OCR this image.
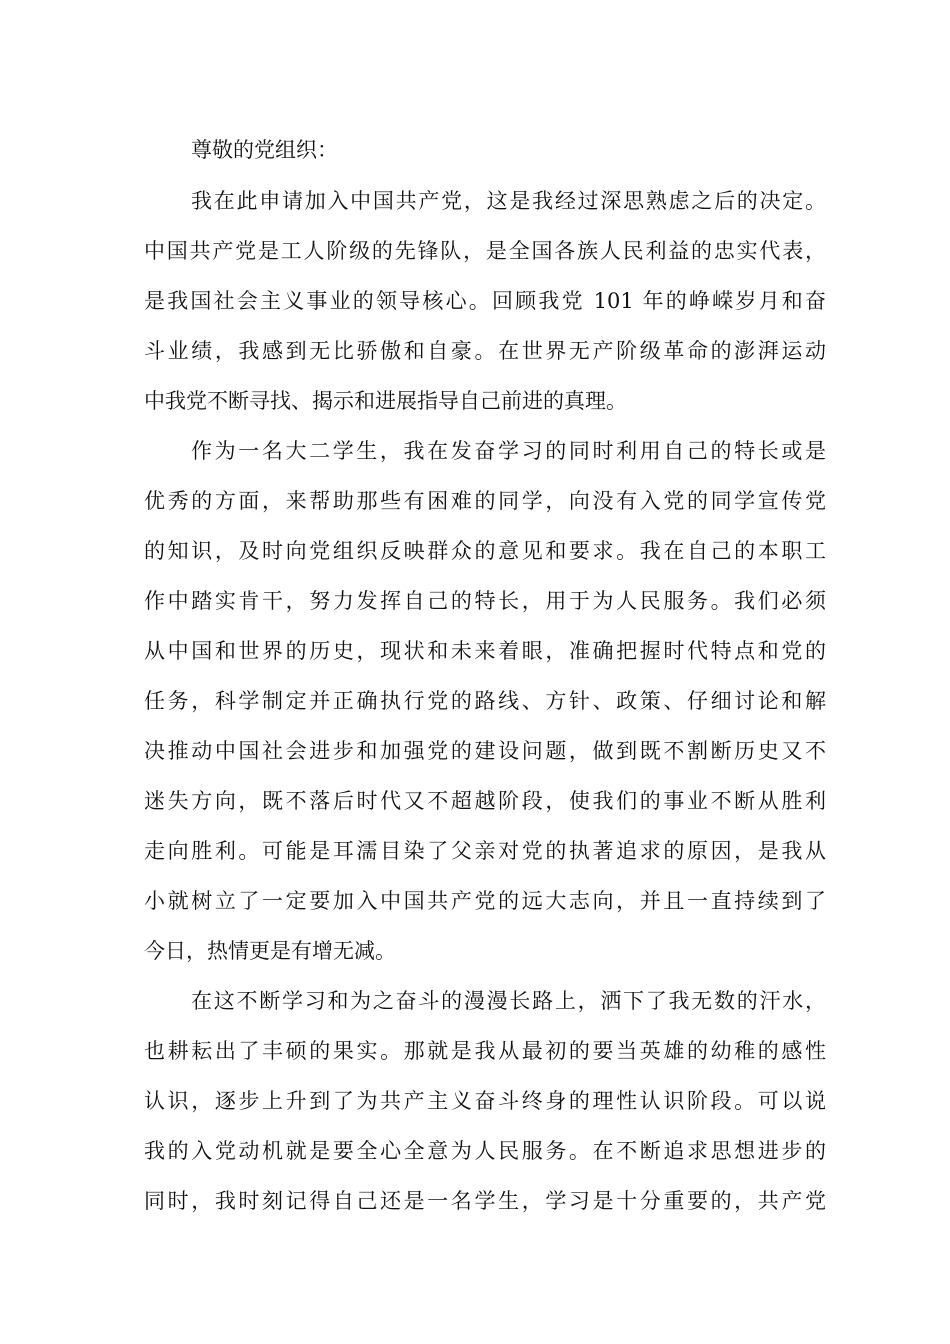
尊敬的党组织：

我在此申请加入中国共产党，这是我经过深思熟虑之后的决定。

中国共产党是工人阶级的先锋队，是全国各族人民利益的忠实代表，

是我国社会主义事业的领导核心。回顾我党 101 年的峥嵘岁月和奋

斗业绩，我感到无比骄傲和自豪。在世界无产阶级革命的澎湃运动

中我党不断寻找、揭示和进展指导自己前进的真理。

作为一名大二学生，我在发奋学习的同时利用自己的特长或是

优秀的方面，来帮助那些有困难的同学，向没有入党的同学宣传党

的知识，及时向党组织反映群众的意见和要求。我在自己的本职工

作中踏实肯干，努力发挥自己的特长，用于为人民服务。我们必须

从中国和世界的历史，现状和未来着眼，准确把握时代特点和党的

任务，科学制定并正确执行党的路线、方针、政策、仔细讨论和解

决推动中国社会进步和加强党的建设问题，做到既不割断历史又不

迷失方向，既不落后时代又不超越阶段，使我们的事业不断从胜利

走向胜利。可能是耳濡目染了父亲对党的执著追求的原因，是我从

小就树立了一定要加入中国共产党的远大志向，并且一直持续到了

今日，热情更是有增无减。

在这不断学习和为之奋斗的漫漫长路上，洒下了我无数的汗水，

也耕耘出了丰硕的果实。那就是我从最初的要当英雄的幼稚的感性

认识，逐步上升到了为共产主义奋斗终身的理性认识阶段。可以说

我的入党动机就是要全心全意为人民服务。在不断追求思想进步的

同时，我时刻记得自己还是一名学生，学习是十分重要的，共产党
